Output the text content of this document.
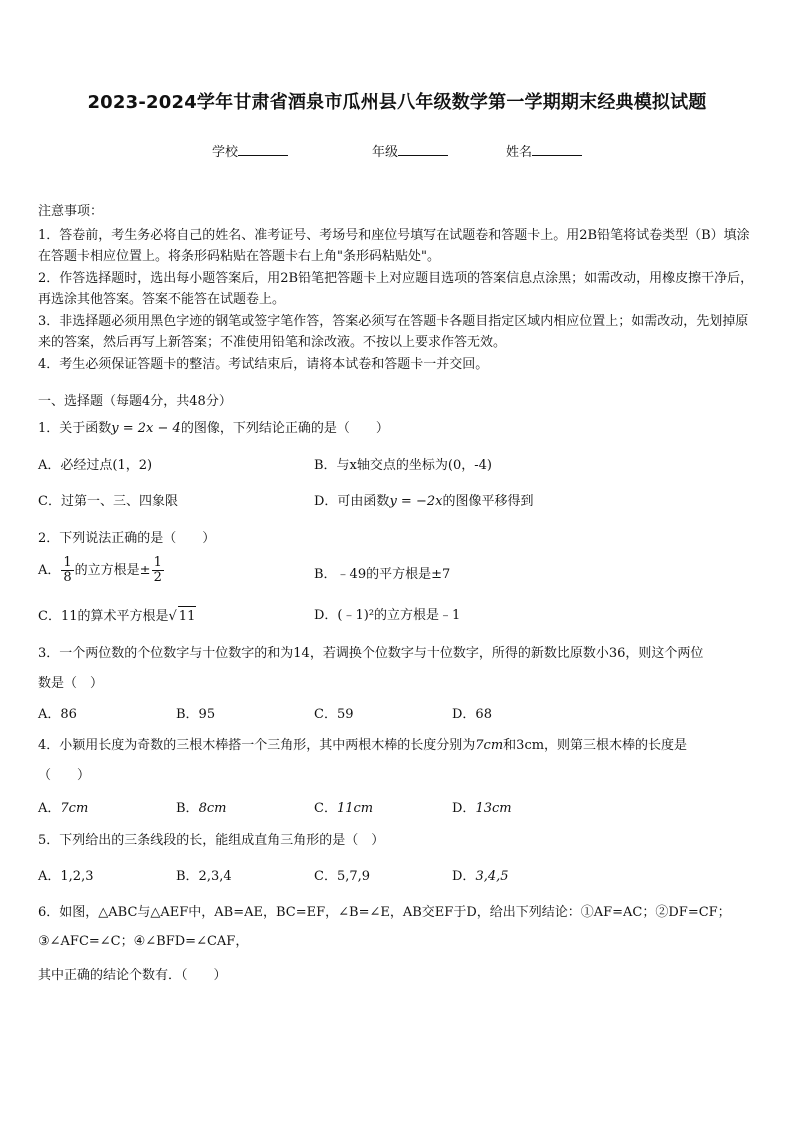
2023-2024学年甘肃省酒泉市瓜州县八年级数学第一学期期末经典模拟试题
学校	年级	姓名

注意事项：

1．答卷前，考生务必将自己的姓名、准考证号、考场号和座位号填写在试题卷和答题卡上。用2B铅笔将试卷类型（B）填涂在答题卡相应位置上。将条形码粘贴在答题卡右上角"条形码粘贴处"。

2．作答选择题时，选出每小题答案后，用2B铅笔把答题卡上对应题目选项的答案信息点涂黑；如需改动，用橡皮擦干净后，再选涂其他答案。答案不能答在试题卷上。

3．非选择题必须用黑色字迹的钢笔或签字笔作答，答案必须写在答题卡各题目指定区域内相应位置上；如需改动，先划掉原来的答案，然后再写上新答案；不准使用铅笔和涂改液。不按以上要求作答无效。

4．考生必须保证答题卡的整洁。考试结束后，请将本试卷和答题卡一并交回。

一、选择题（每题4分，共48分）
1．关于函数y = 2x − 4的图像，下列结论正确的是（　　）
A．必经过点(1，2)	B．与x轴交点的坐标为(0，-4)
C．过第一、三、四象限	D．可由函数y = −2x的图像平移得到
2．下列说法正确的是（　　）
A． $\frac{1}{8}$ 的立方根是± $\frac{1}{2}$	B．﹣49的平方根是±7
C．11的算术平方根是√ 11	D．(﹣1)²的立方根是﹣1
3．一个两位数的个位数字与十位数字的和为14，若调换个位数字与十位数字，所得的新数比原数小36，则这个两位
数是（　）
A．86	B．95	C．59	D．68
4．小颖用长度为奇数的三根木棒搭一个三角形，其中两根木棒的长度分别为7cm和3cm，则第三根木棒的长度是
（　　）
A．7cm	B．8cm	C．11cm	D．13cm
5．下列给出的三条线段的长，能组成直角三角形的是（　）
A．1,2,3	B．2,3,4	C．5,7,9	D．3,4,5
6．如图，△ABC与△AEF中，AB=AE，BC=EF，∠B=∠E，AB交EF于D，给出下列结论：①AF=AC；②DF=CF；
③∠AFC=∠C；④∠BFD=∠CAF，
其中正确的结论个数有．（　　）
